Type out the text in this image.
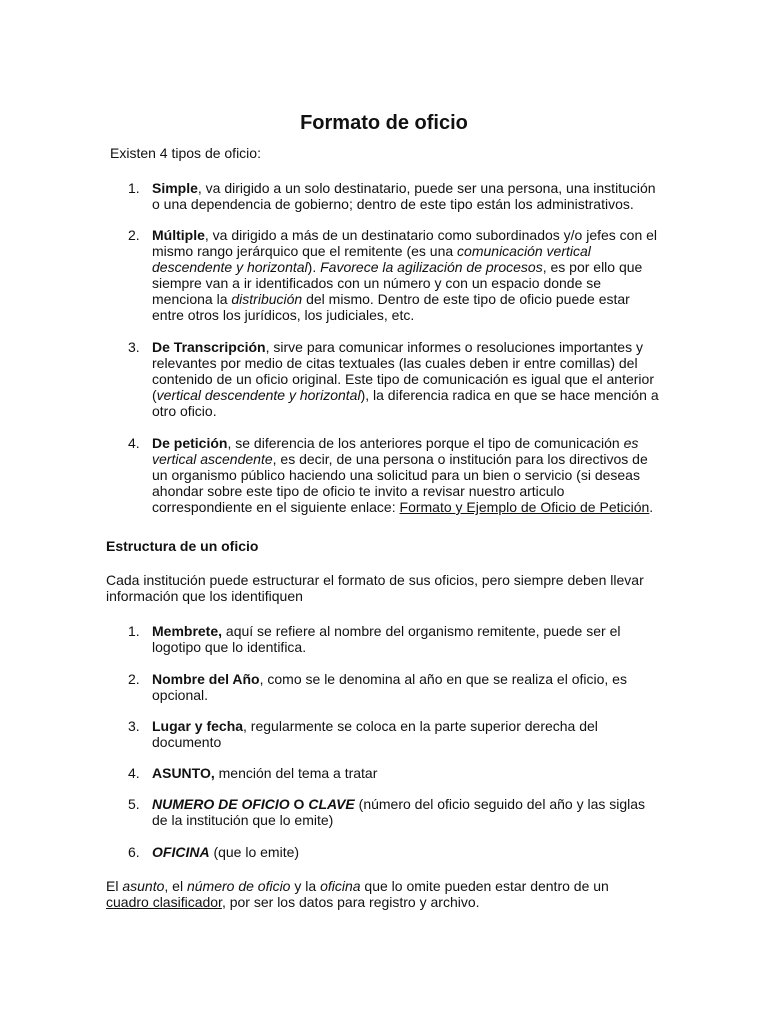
Formato de oficio
Existen 4 tipos de oficio:
1. Simple, va dirigido a un solo destinatario, puede ser una persona, una institución o una dependencia de gobierno; dentro de este tipo están los administrativos.
2. Múltiple, va dirigido a más de un destinatario como subordinados y/o jefes con el mismo rango jerárquico que el remitente (es una comunicación vertical descendente y horizontal). Favorece la agilización de procesos, es por ello que siempre van a ir identificados con un número y con un espacio donde se menciona la distribución del mismo. Dentro de este tipo de oficio puede estar entre otros los jurídicos, los judiciales, etc.
3. De Transcripción, sirve para comunicar informes o resoluciones importantes y relevantes por medio de citas textuales (las cuales deben ir entre comillas) del contenido de un oficio original. Este tipo de comunicación es igual que el anterior (vertical descendente y horizontal), la diferencia radica en que se hace mención a otro oficio.
4. De petición, se diferencia de los anteriores porque el tipo de comunicación es vertical ascendente, es decir, de una persona o institución para los directivos de un organismo público haciendo una solicitud para un bien o servicio (si deseas ahondar sobre este tipo de oficio te invito a revisar nuestro articulo correspondiente en el siguiente enlace: Formato y Ejemplo de Oficio de Petición.
Estructura de un oficio
Cada institución puede estructurar el formato de sus oficios, pero siempre deben llevar información que los identifiquen
1. Membrete, aquí se refiere al nombre del organismo remitente, puede ser el logotipo que lo identifica.
2. Nombre del Año, como se le denomina al año en que se realiza el oficio, es opcional.
3. Lugar y fecha, regularmente se coloca en la parte superior derecha del documento
4. ASUNTO, mención del tema a tratar
5. NUMERO DE OFICIO O CLAVE (número del oficio seguido del año y las siglas de la institución que lo emite)
6. OFICINA (que lo emite)
El asunto, el número de oficio y la oficina que lo omite pueden estar dentro de un cuadro clasificador, por ser los datos para registro y archivo.
